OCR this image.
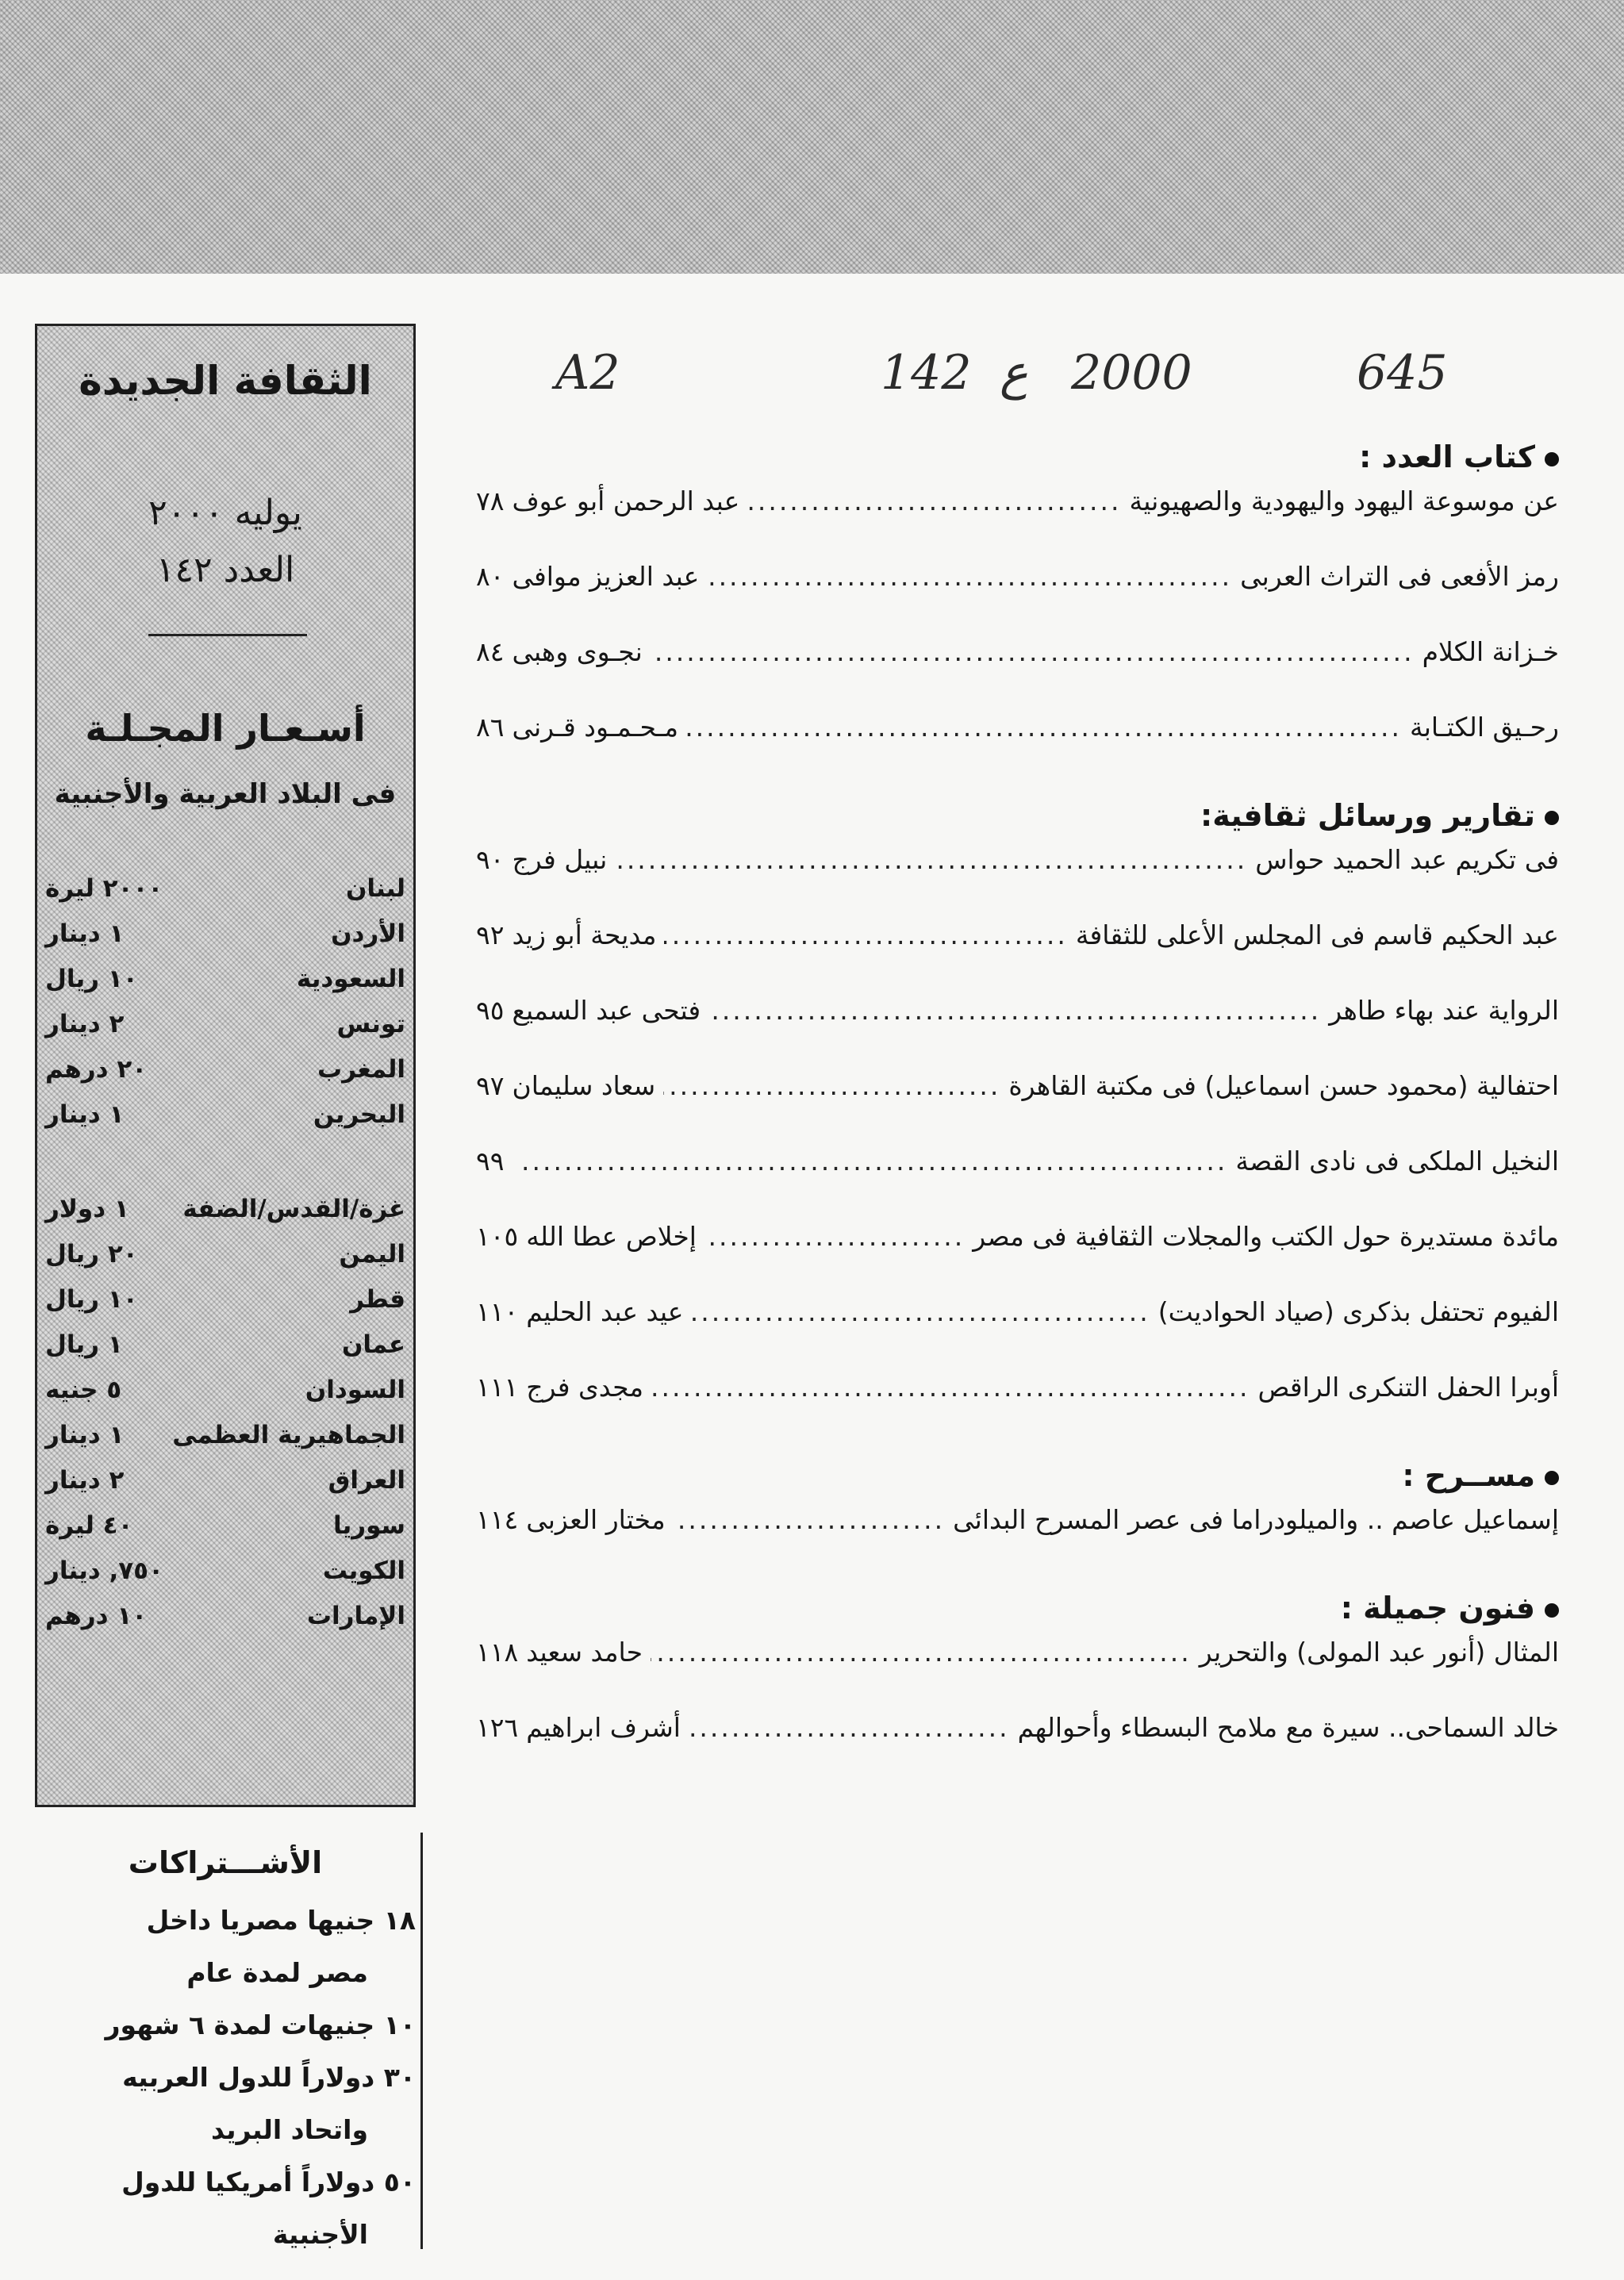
A2	142 ع 2000	645
الثقافة الجديدة
يوليه ٢٠٠٠
العدد ١٤٢
أسـعـار المجـلـة
فى البلاد العربية والأجنبية
لبنان
٢٠٠٠ ليرة
الأردن
١ دينار
السعودية
١٠ ريال
تونس
٢ دينار
المغرب
٢٠ درهم
البحرين
١ دينار
غزة/القدس/الضفة
١ دولار
اليمن
٢٠ ريال
قطر
١٠ ريال
عمان
١ ريال
السودان
٥ جنيه
الجماهيرية العظمى
١ دينار
العراق
٢ دينار
سوريا
٤٠ ليرة
الكويت
٧٥٠, دينار
الإمارات
١٠ درهم
الأشـــتراكات
١٨ جنيها مصريا داخل
مصر لمدة عام
١٠ جنيهات لمدة ٦ شهور
٣٠ دولاراً للدول العربيه
واتحاد البريد
٥٠ دولاراً أمريكيا للدول
الأجنبية
كتاب العدد :
عن موسوعة اليهود واليهودية والصهيونية
.....
عبد الرحمن أبو عوف
٧٨
رمز الأفعى فى التراث العربى
.....
عبد العزيز موافى
٨٠
خـزانة الكلام
.....
نجـوى وهبى
٨٤
رحـيق الكتـابة
.....
مـحـمـود قـرنى
٨٦
تقارير ورسائل ثقافية:
فى تكريم عبد الحميد حواس
.....
نبيل فرج
٩٠
عبد الحكيم قاسم فى المجلس الأعلى للثقافة
.....
مديحة أبو زيد
٩٢
الرواية عند بهاء طاهر
.....
فتحى عبد السميع
٩٥
احتفالية (محمود حسن اسماعيل) فى مكتبة القاهرة
.....
سعاد سليمان
٩٧
النخيل الملكى فى نادى القصة
.....
٩٩
مائدة مستديرة حول الكتب والمجلات الثقافية فى مصر
.....
إخلاص عطا الله
١٠٥
الفيوم تحتفل بذكرى (صياد الحواديت)
.....
عيد عبد الحليم
١١٠
أوبرا الحفل التنكرى الراقص
.....
مجدى فرج
١١١
مســرح :
إسماعيل عاصم .. والميلودراما فى عصر المسرح البدائى
.....
مختار العزبى
١١٤
فنون جميلة :
المثال (أنور عبد المولى) والتحرير
.....
حامد سعيد
١١٨
خالد السماحى.. سيرة مع ملامح البسطاء وأحوالهم
.....
أشرف ابراهيم
١٢٦
